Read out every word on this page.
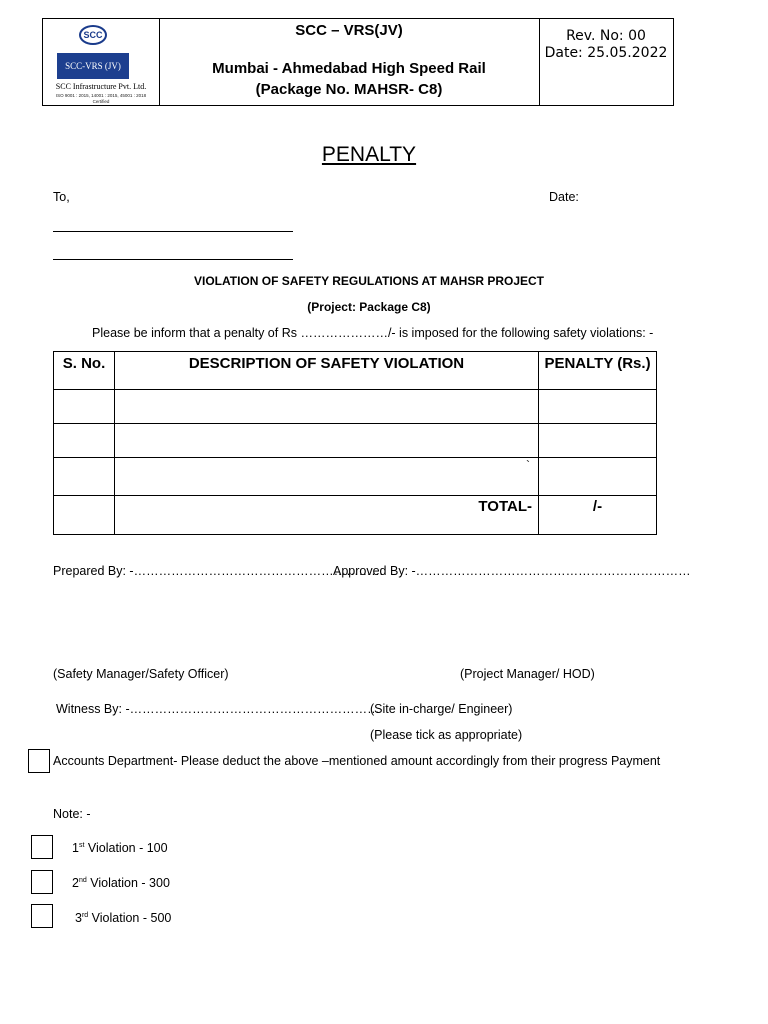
SCC
SCC-VRS (JV)
SCC Infrastructure Pvt. Ltd.
ISO 9001 : 2015, 14001 : 2015, 45001 : 2018 Certified
SCC – VRS(JV)
Mumbai - Ahmedabad High Speed Rail
(Package No. MAHSR- C8)
Rev. No: 00
Date: 25.05.2022
PENALTY
To,	Date:
VIOLATION OF SAFETY REGULATIONS AT MAHSR PROJECT
(Project: Package C8)
Please be inform that a penalty of Rs …………………/- is imposed for the following safety violations: -
S. No.	DESCRIPTION OF SAFETY VIOLATION	PENALTY (Rs.)

	`	
	TOTAL-	/-
Prepared By: -……………………………………………………
Approved By: -…………………………………………………………
(Safety Manager/Safety Officer)	(Project Manager/ HOD)
Witness By: -……………………………………………………
(Site in-charge/ Engineer)
(Please tick as appropriate)
Accounts Department- Please deduct the above –mentioned amount accordingly from their progress Payment
Note: -
1st Violation - 100
2nd Violation - 300
3rd Violation - 500
